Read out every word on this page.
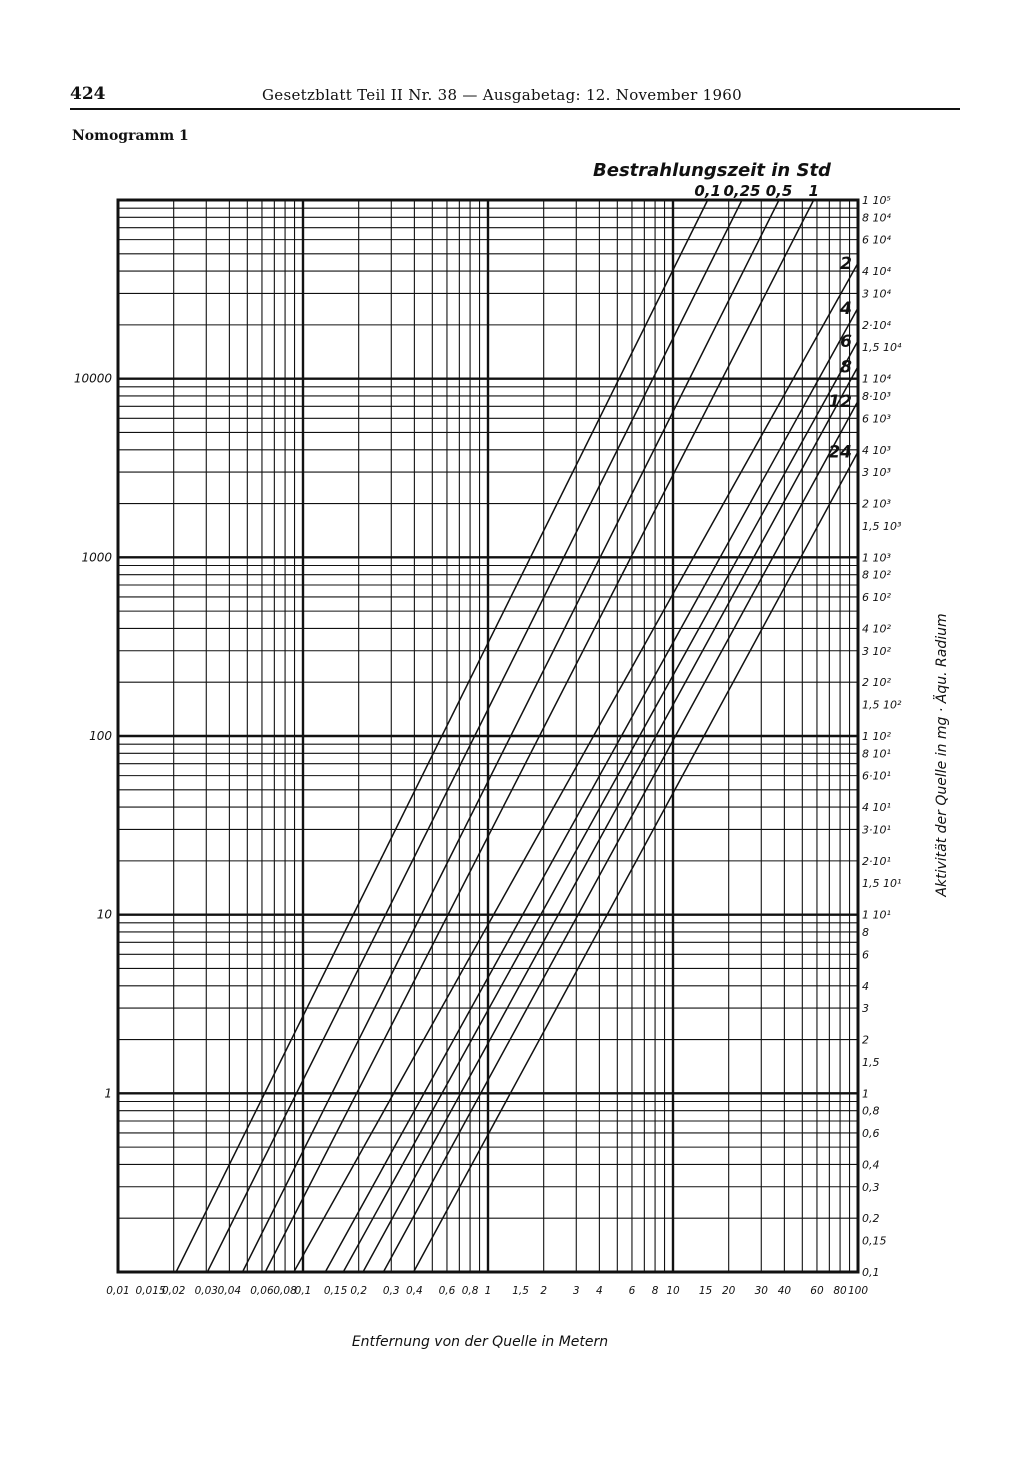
424	Gesetzblatt Teil II Nr. 38 — Ausgabetag: 12. November 1960
Nomogramm 1
0,1 0,25 0,5 1
2
4
6
8
12
24
0,01 0,015
0,02 0,03 0,04 0,06 0,08
0,1 0,15 0,2 0,3 0,4 0,6 0,8 1 1,5 2 3 4 6 8 10 15 20 30 40 60 80 100
1
10
100
1000
10000
1 10⁵
8 10⁴
6 10⁴
4 10⁴
3 10⁴
2·10⁴
1,5 10⁴
1 10⁴
8·10³
6 10³
4 10³
3 10³
2 10³
1,5 10³
1 10³
8 10²
6 10²
4 10²
3 10²
2 10²
1,5 10²
1 10²
8 10¹
6·10¹
4 10¹
3·10¹
2·10¹
1,5 10¹
1 10¹
8
6
4
3
2
1,5
1
0,8
0,6
0,4
0,3
0,2
0,15
0,1
Bestrahlungszeit in Std
Entfernung von der Quelle in Metern
Aktivität der Quelle in mg · Äqu. Radium
